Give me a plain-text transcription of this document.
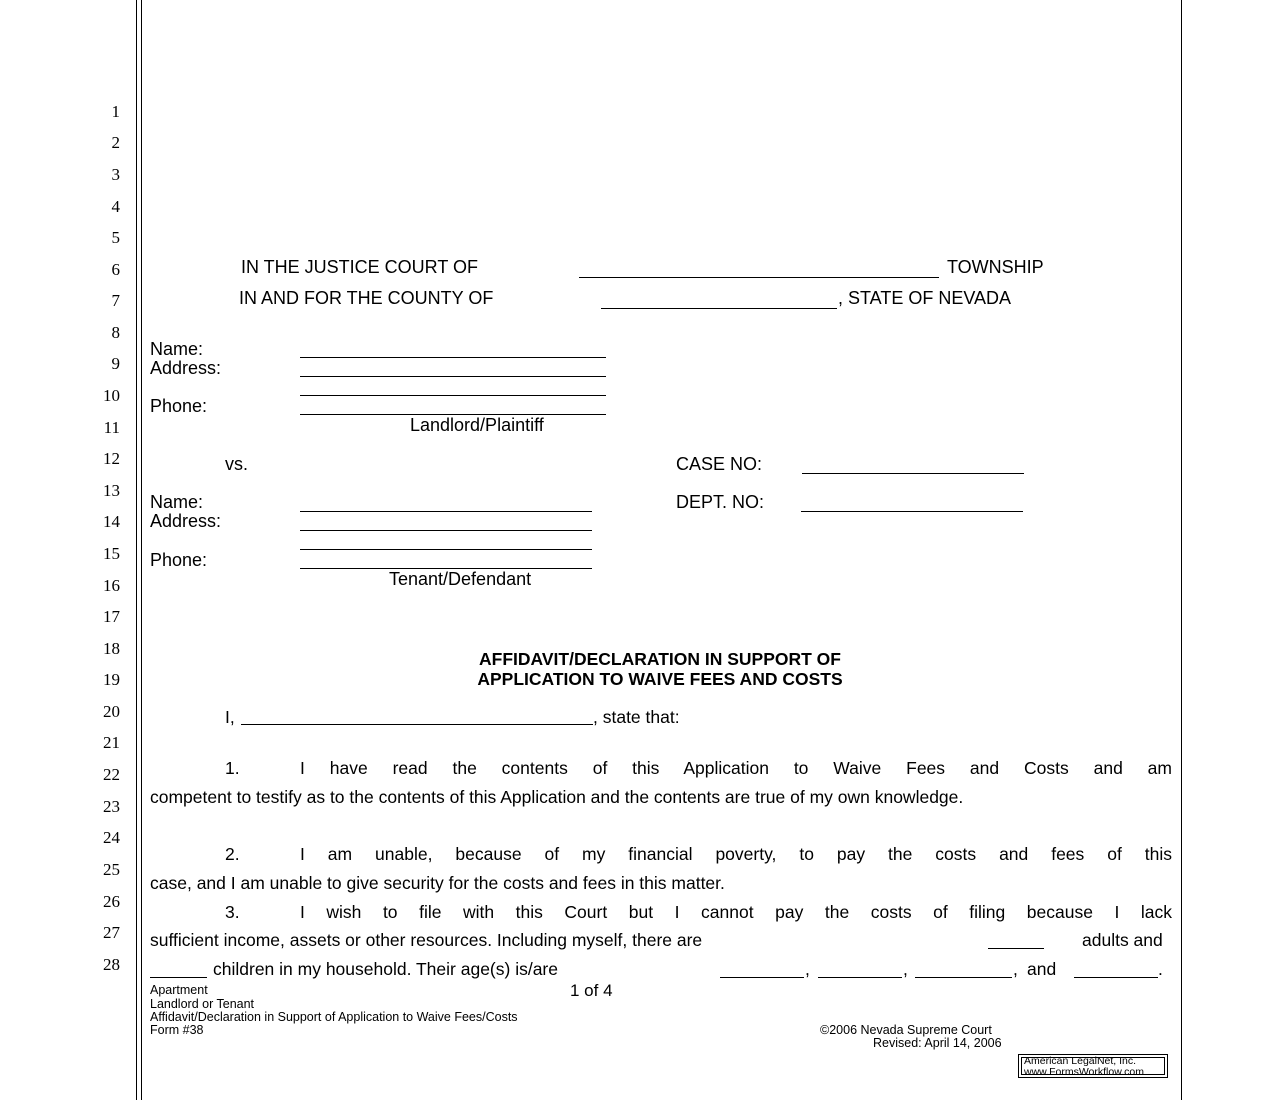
1
2
3
4
5
6
7
8
9
10
11
12
13
14
15
16
17
18
19
20
21
22
23
24
25
26
27
28
IN THE JUSTICE COURT OF	TOWNSHIP
IN AND FOR THE COUNTY OF	, STATE OF NEVADA
Name:
Address:
Phone:
Landlord/Plaintiff
vs.	CASE NO:
DEPT. NO:
Name:
Address:
Phone:
Tenant/Defendant
AFFIDAVIT/DECLARATION IN SUPPORT OF
APPLICATION TO WAIVE FEES AND COSTS
I,	, state that:
1.	I have read the contents of this Application to Waive Fees and Costs and am
competent to testify as to the contents of this Application and the contents are true of my own knowledge.
2.	I am unable, because of my financial poverty, to pay the costs and fees of this
case, and I am unable to give security for the costs and fees in this matter.
3.	I wish to file with this Court but I cannot pay the costs of filing because I lack
sufficient income, assets or other resources. Including myself, there are	adults and
children in my household. Their age(s) is/are	,	,	, and	.
Apartment
Landlord or Tenant
Affidavit/Declaration in Support of Application to Waive Fees/Costs
Form #38
1 of 4
©2006 Nevada Supreme Court
Revised: April 14, 2006
American LegalNet, Inc.
www.FormsWorkflow.com
